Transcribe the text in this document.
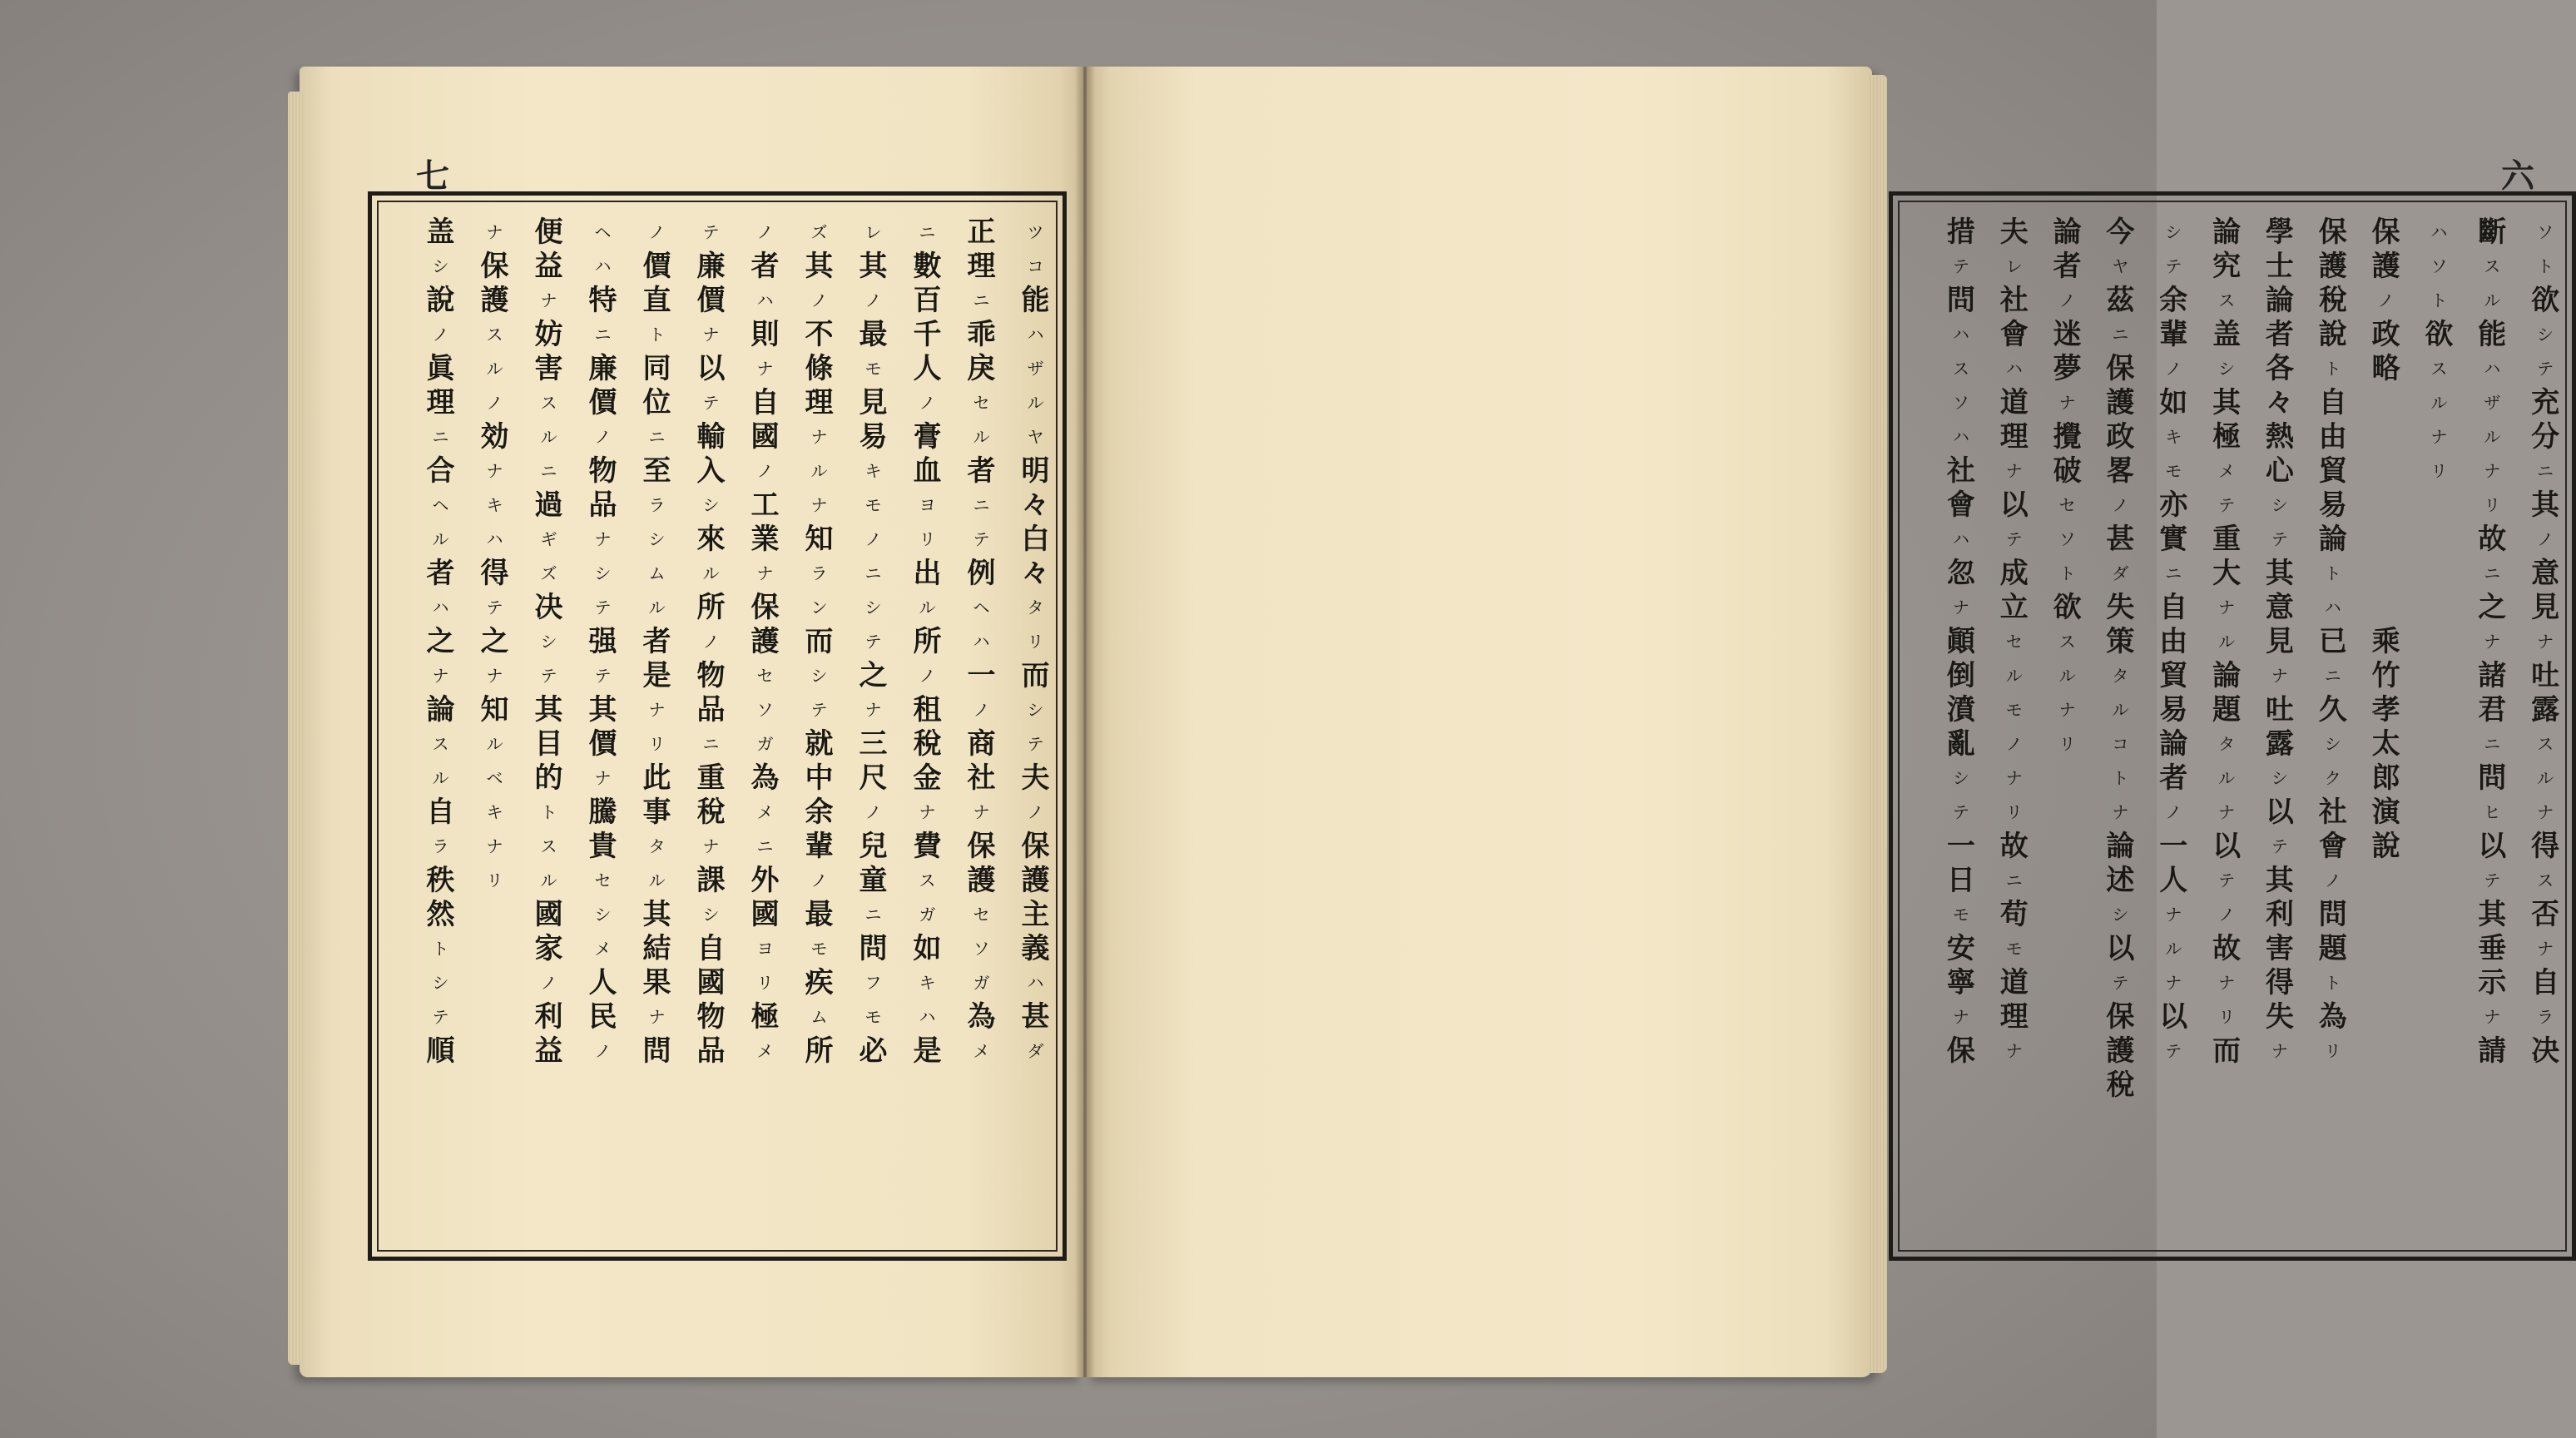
七
ツ
コ
能
ハ
ザ
ル
ヤ
明
々
白
々
タ
リ
而
シ
テ
夫
ノ
保
護
主
義
ハ
甚
ダ
正
理
ニ
乖
戾
セ
ル
者
ニ
テ
例
ヘ
ハ
一
ノ
商
社
ナ
保
護
セ
ソ
ガ
為
メ
ニ
數
百
千
人
ノ
膏
血
ヨ
リ
出
ル
所
ノ
租
稅
金
ナ
費
ス
ガ
如
キ
ハ
是
レ
其
ノ
最
モ
見
易
キ
モ
ノ
ニ
シ
テ
之
ナ
三
尺
ノ
兒
童
ニ
問
フ
モ
必
ズ
其
ノ
不
條
理
ナ
ル
ナ
知
ラ
ン
而
シ
テ
就
中
余
輩
ノ
最
モ
疾
ム
所
ノ
者
ハ
則
ナ
自
國
ノ
工
業
ナ
保
護
セ
ソ
ガ
為
メ
ニ
外
國
ヨ
リ
極
メ
テ
廉
價
ナ
以
テ
輸
入
シ
來
ル
所
ノ
物
品
ニ
重
稅
ナ
課
シ
自
國
物
品
ノ
價
直
ト
同
位
ニ
至
ラ
シ
ム
ル
者
是
ナ
リ
此
事
タ
ル
其
結
果
ナ
問
ヘ
ハ
特
ニ
廉
價
ノ
物
品
ナ
シ
テ
强
テ
其
價
ナ
騰
貴
セ
シ
メ
人
民
ノ
便
益
ナ
妨
害
ス
ル
ニ
過
ギ
ズ
决
シ
テ
其
目
的
ト
ス
ル
國
家
ノ
利
益
ナ
保
護
ス
ル
ノ
効
ナ
キ
ハ
得
テ
之
ナ
知
ル
ベ
キ
ナ
リ
盖
シ
說
ノ
眞
理
ニ
合
ヘ
ル
者
ハ
之
ナ
論
ス
ル
自
ラ
秩
然
ト
シ
テ
順
六
ソ
ト
欲
シ
テ
充
分
ニ
其
ノ
意
見
ナ
吐
露
ス
ル
ナ
得
ス
否
ナ
自
ラ
决
斷
ス
ル
能
ハ
ザ
ル
ナ
リ
故
ニ
之
ナ
諸
君
ニ
問
ヒ
以
テ
其
垂
示
ナ
請
ハ
ソ
ト
欲
ス
ル
ナ
リ
保
護
ノ
政
略

乘
竹
孝
太
郎
演
說
保
護
稅
說
ト
自
由
貿
易
論
ト
ハ
已
ニ
久
シ
ク
社
會
ノ
問
題
ト
為
リ
學
士
論
者
各
々
熱
心
シ
テ
其
意
見
ナ
吐
露
シ
以
テ
其
利
害
得
失
ナ
論
究
ス
盖
シ
其
極
メ
テ
重
大
ナ
ル
論
題
タ
ル
ナ
以
テ
ノ
故
ナ
リ
而
シ
テ
余
輩
ノ
如
キ
モ
亦
實
ニ
自
由
貿
易
論
者
ノ
一
人
ナ
ル
ナ
以
テ
今
ヤ
茲
ニ
保
護
政
畧
ノ
甚
ダ
失
策
タ
ル
コ
ト
ナ
論
述
シ
以
テ
保
護
稅
論
者
ノ
迷
夢
ナ
攪
破
セ
ソ
ト
欲
ス
ル
ナ
リ
夫
レ
社
會
ハ
道
理
ナ
以
テ
成
立
セ
ル
モ
ノ
ナ
リ
故
ニ
苟
モ
道
理
ナ
措
テ
問
ハ
ス
ソ
ハ
社
會
ハ
忽
ナ
顚
倒
濆
亂
シ
テ
一
日
モ
安
寧
ナ
保
